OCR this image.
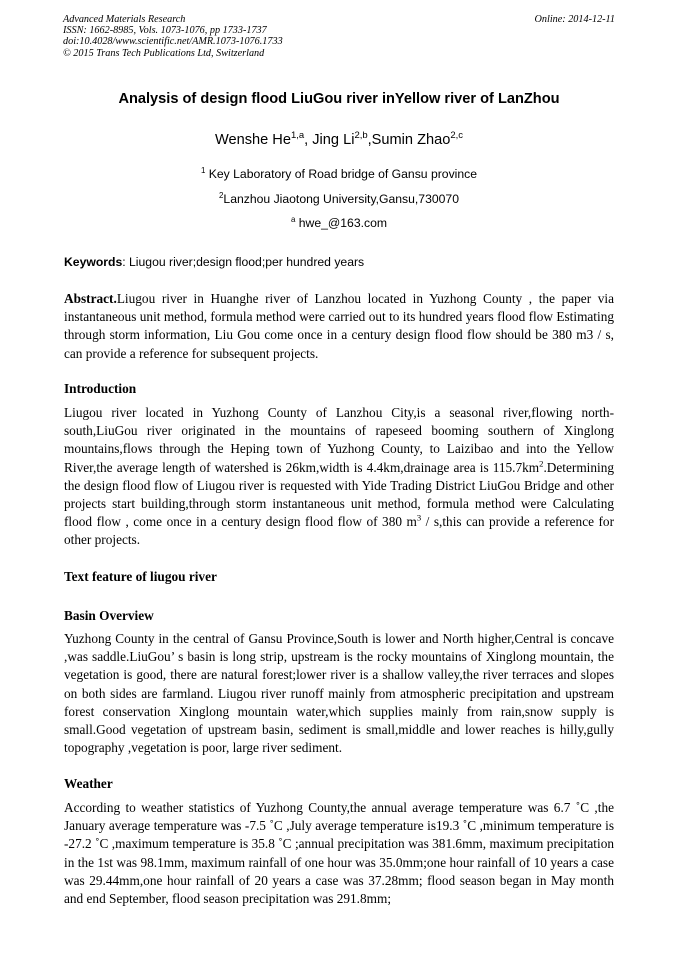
Advanced Materials Research
ISSN: 1662-8985, Vols. 1073-1076, pp 1733-1737
doi:10.4028/www.scientific.net/AMR.1073-1076.1733
© 2015 Trans Tech Publications Ltd, Switzerland
Online: 2014-12-11
Analysis of design flood LiuGou river inYellow river of LanZhou
Wenshe He$^{1,a}$, Jing Li$^{2,b}$,Sumin Zhao$^{2,c}$
$^1$ Key Laboratory of Road bridge of Gansu province
$^2$Lanzhou Jiaotong University,Gansu,730070
$^a$ hwe_@163.com
Keywords: Liugou river;design flood;per hundred years
Abstract.Liugou river in Huanghe river of Lanzhou located in Yuzhong County , the paper via instantaneous unit method, formula method were carried out to its hundred years flood flow Estimating through storm information, Liu Gou come once in a century design flood flow should be 380 m3 / s, can provide a reference for subsequent projects.
Introduction
Liugou river located in Yuzhong County of Lanzhou City,is a seasonal river,flowing north-south,LiuGou river originated in the mountains of rapeseed booming southern of Xinglong mountains,flows through the Heping town of Yuzhong County, to Laizibao and into the Yellow River,the average length of watershed is 26km,width is 4.4km,drainage area is $115.7km^2.Determining$ the design flood flow of Liugou river is requested with Yide Trading District LiuGou Bridge and other projects start building,through storm instantaneous unit method, formula method were Calculating flood flow , come once in a century design flood flow of 380 $m^3$ / s,this can provide a reference for other projects.
Text feature of liugou river
Basin Overview
Yuzhong County in the central of Gansu Province,South is lower and North higher,Central is concave ,was saddle.LiuGou’ s basin is long strip, upstream is the rocky mountains of Xinglong mountain, the vegetation is good, there are natural forest;lower river is a shallow valley,the river terraces and slopes on both sides are farmland. Liugou river runoff mainly from atmospheric precipitation and upstream forest conservation Xinglong mountain water,which supplies mainly from rain,snow supply is small.Good vegetation of upstream basin, sediment is small,middle and lower reaches is hilly,gully topography ,vegetation is poor, large river sediment.
Weather
According to weather statistics of Yuzhong County,the annual average temperature was 6.7 ˚C ,the January average temperature was -7.5 ˚C ,July average temperature is19.3 ˚C ,minimum temperature is -27.2 ˚C ,maximum temperature is 35.8 ˚C ;annual precipitation was 381.6mm, maximum precipitation in the 1st was 98.1mm, maximum rainfall of one hour was 35.0mm;one hour rainfall of 10 years a case was 29.44mm,one hour rainfall of 20 years a case was 37.28mm; flood season began in May month and end September, flood season precipitation was 291.8mm;
